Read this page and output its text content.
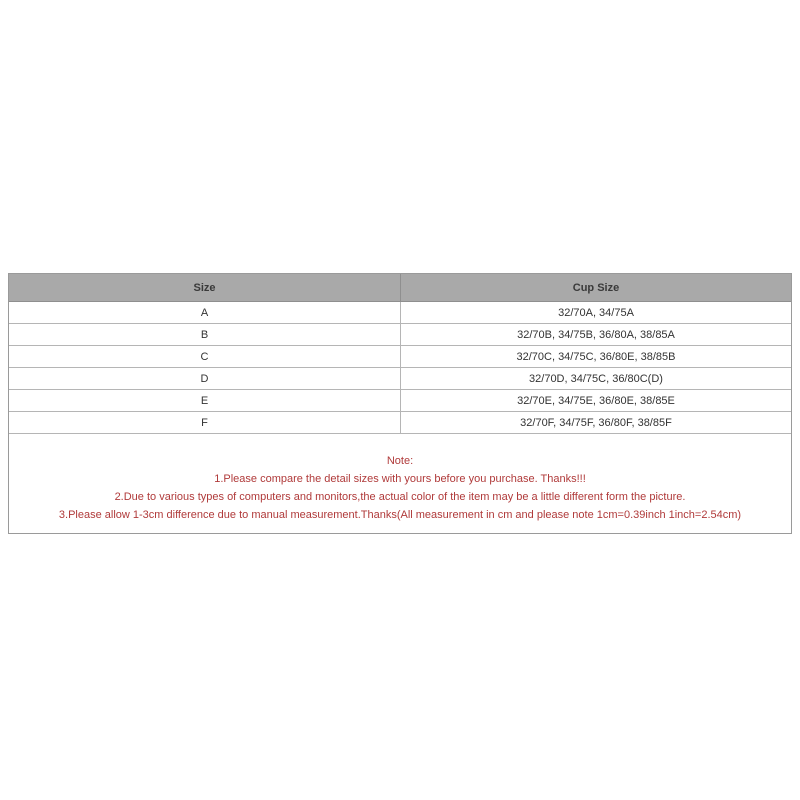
Size	Cup Size
A	32/70A, 34/75A
B	32/70B, 34/75B, 36/80A, 38/85A
C	32/70C, 34/75C, 36/80E, 38/85B
D	32/70D, 34/75C, 36/80C(D)
E	32/70E, 34/75E, 36/80E, 38/85E
F	32/70F, 34/75F, 36/80F, 38/85F
Note:
1.Please compare the detail sizes with yours before you purchase. Thanks!!!
2.Due to various types of computers and monitors,the actual color of the item may be a little different form the picture.
3.Please allow 1-3cm difference due to manual measurement.Thanks(All measurement in cm and please note 1cm=0.39inch 1inch=2.54cm)
